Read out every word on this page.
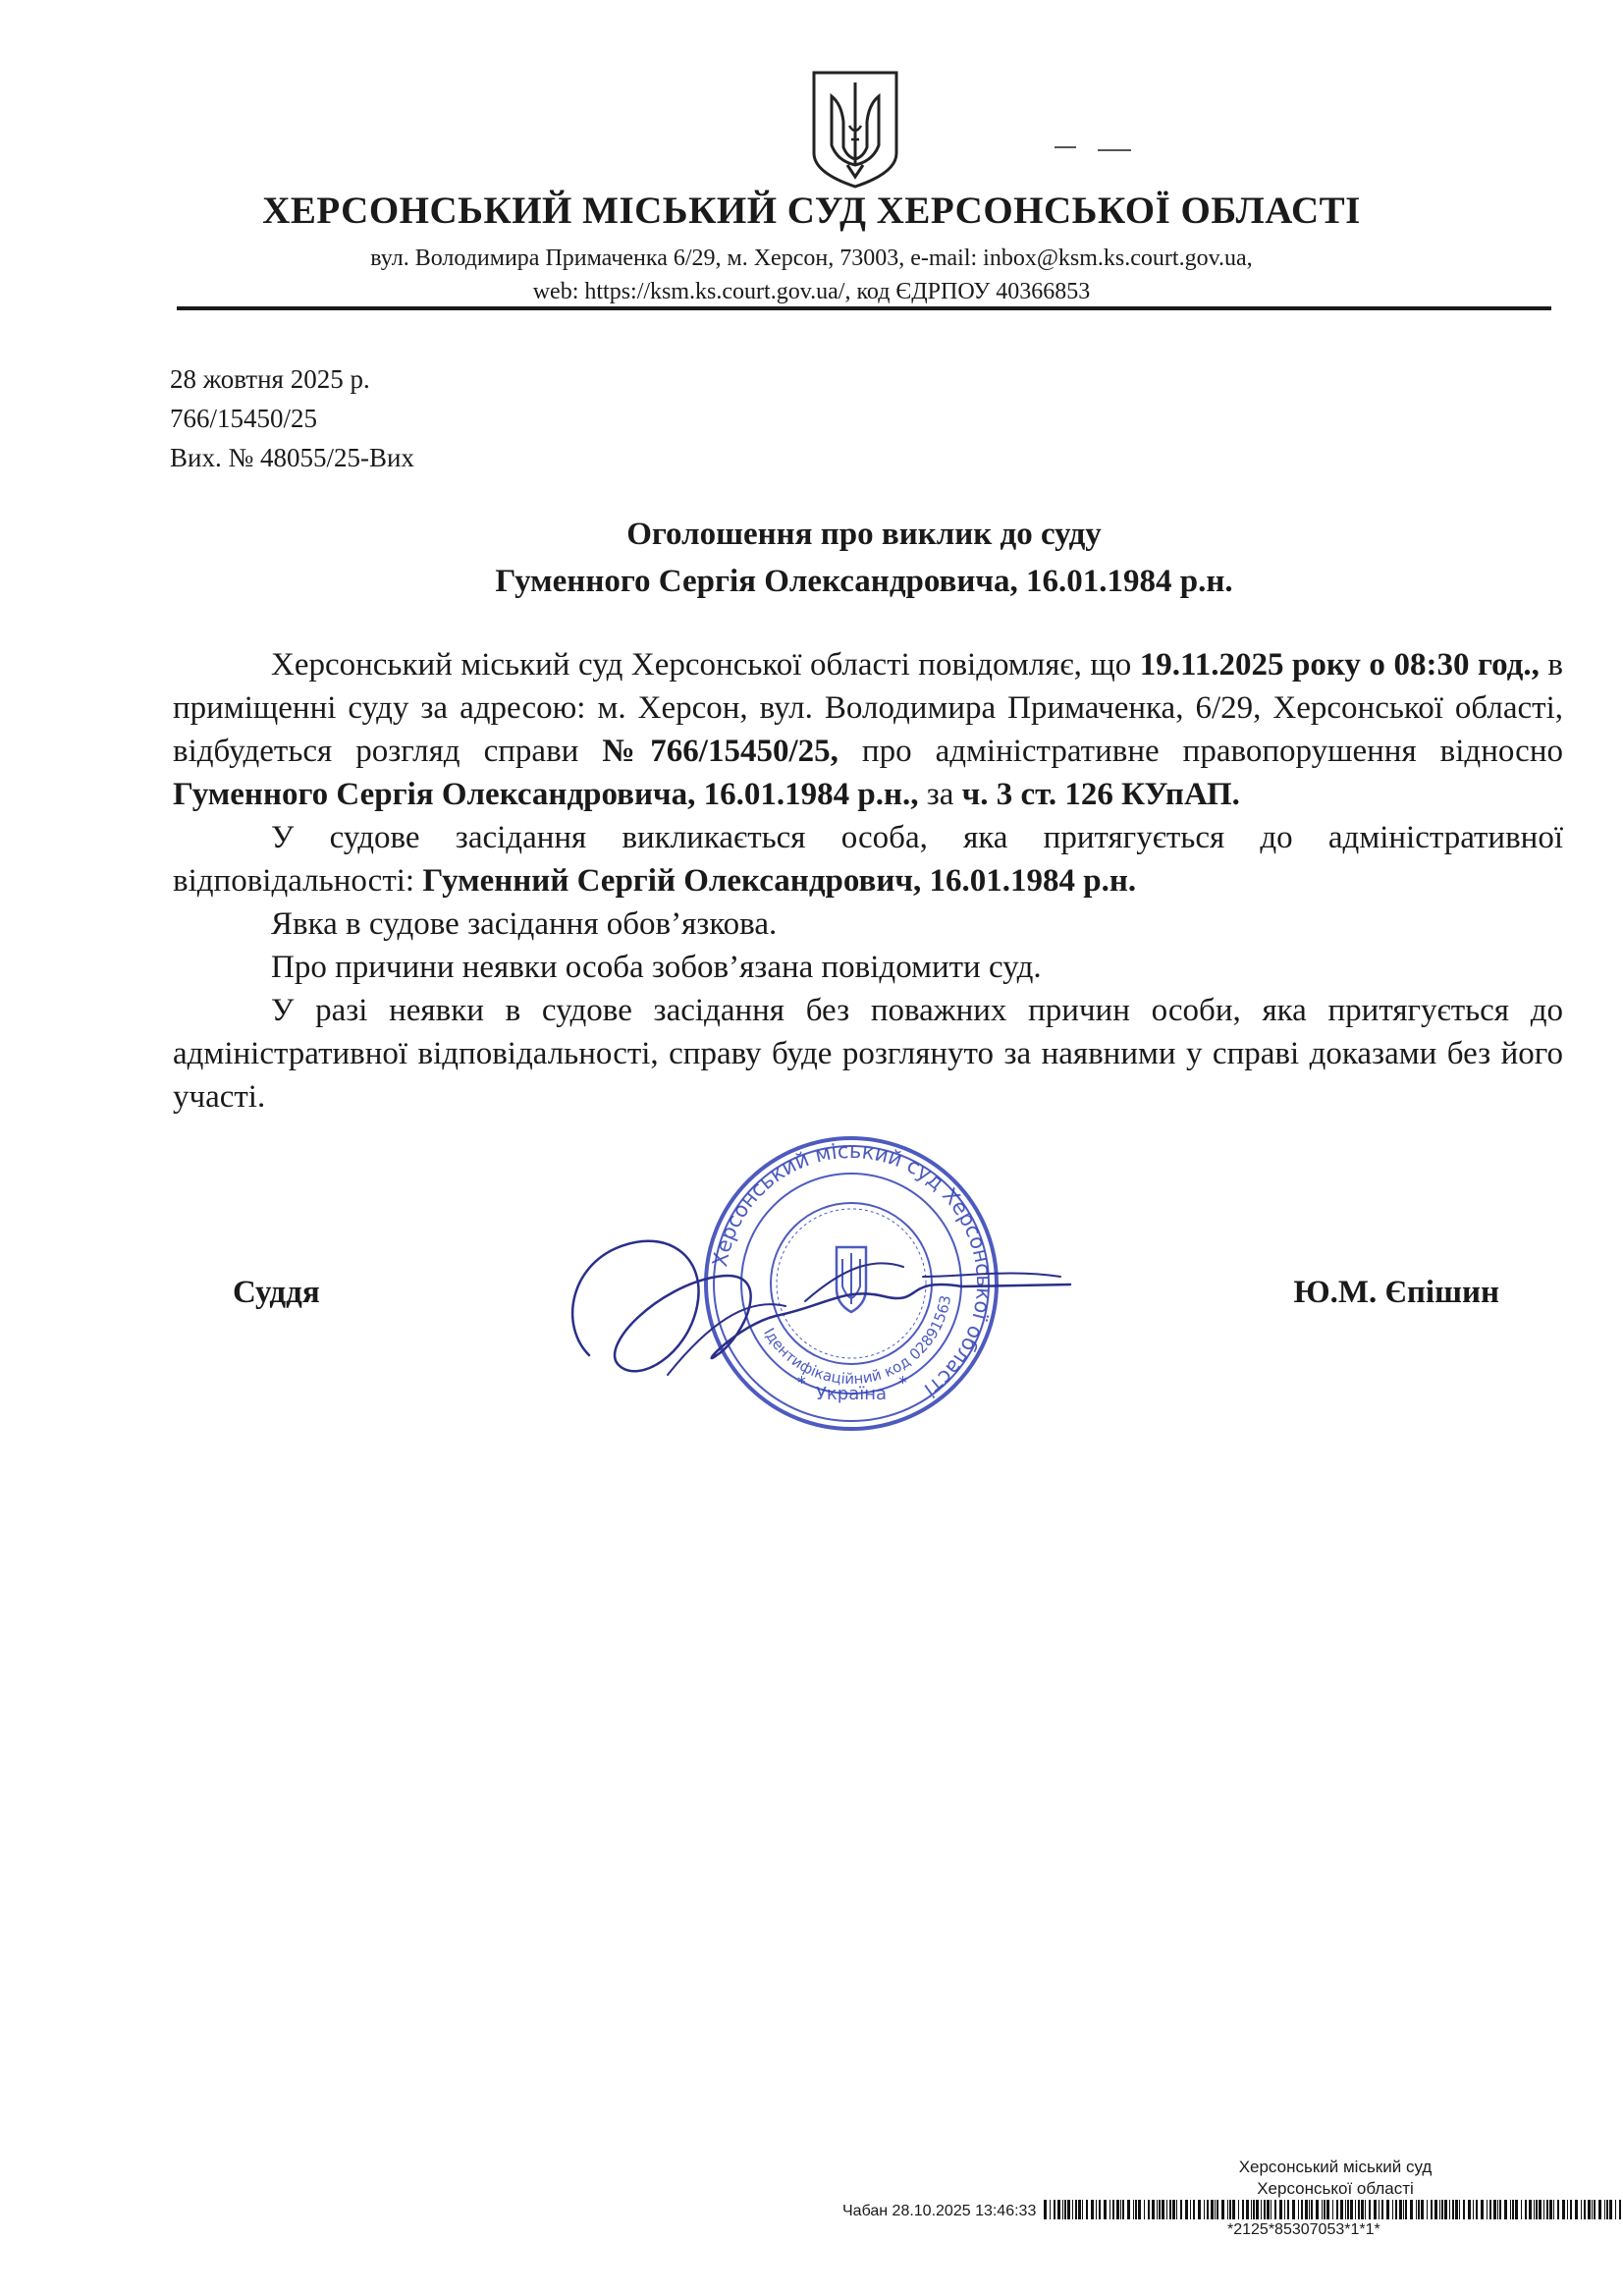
ХЕРСОНСЬКИЙ МІСЬКИЙ СУД ХЕРСОНСЬКОЇ ОБЛАСТІ
вул. Володимира Примаченка 6/29, м. Херсон, 73003, e-mail: inbox@ksm.ks.court.gov.ua,
web: https://ksm.ks.court.gov.ua/, код ЄДРПОУ 40366853
28 жовтня 2025 р.
766/15450/25
Вих. № 48055/25-Вих
Оголошення про виклик до суду
Гуменного Сергія Олександровича, 16.01.1984 р.н.

Херсонський міський суд Херсонської області повідомляє, що 19.11.2025 року о 08:30 год., в приміщенні суду за адресою: м. Херсон, вул. Володимира Примаченка, 6/29, Херсонської області, відбудеться розгляд справи №766/15450/25, про адміністративне правопорушення відносно Гуменного Сергія Олександровича, 16.01.1984 р.н., за ч. 3 ст. 126 КУпАП.

У судове засідання викликається особа, яка притягується до адміністративної відповідальності: Гуменний Сергій Олександрович, 16.01.1984 р.н.

Явка в судове засідання обов’язкова.

Про причини неявки особа зобов’язана повідомити суд.

У разі неявки в судове засідання без поважних причин особи, яка притягується до адміністративної відповідальності, справу буде розглянуто за наявними у справі доказами без його участі.

Херсонський міський суд Херсонської області
Ідентифікаційний код 02891563
Україна
*	*
Суддя	Ю.М. Єпішин
Херсонський міський суд
Херсонської області
Чабан 28.10.2025 13:46:33
*2125*85307053*1*1*
